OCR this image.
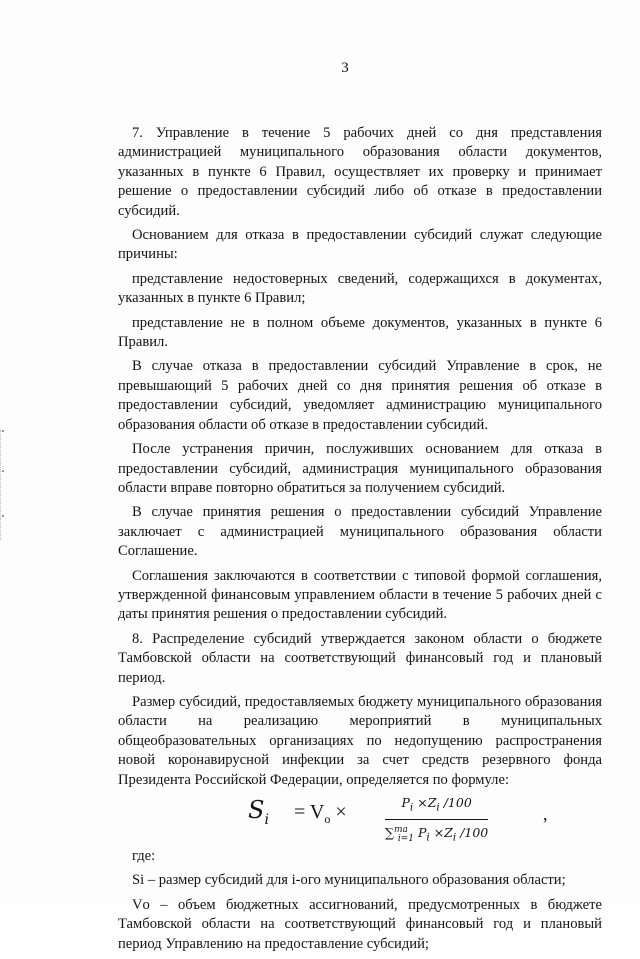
3

7. Управление в течение 5 рабочих дней со дня представления администрацией муниципального образования области документов, указанных в пункте 6 Правил, осуществляет их проверку и принимает решение о предоставлении субсидий либо об отказе в предоставлении субсидий.

Основанием для отказа в предоставлении субсидий служат следующие причины:

представление недостоверных сведений, содержащихся в документах, указанных в пункте 6 Правил;

представление не в полном объеме документов, указанных в пункте 6 Правил.

В случае отказа в предоставлении субсидий Управление в срок, не превышающий 5 рабочих дней со дня принятия решения об отказе в предоставлении субсидий, уведомляет администрацию муниципального образования области об отказе в предоставлении субсидий.

После устранения причин, послуживших основанием для отказа в предоставлении субсидий, администрация муниципального образования области вправе повторно обратиться за получением субсидий.

В случае принятия решения о предоставлении субсидий Управление заключает с администрацией муниципального образования области Соглашение.

Соглашения заключаются в соответствии с типовой формой соглашения, утвержденной финансовым управлением области в течение 5 рабочих дней с даты принятия решения о предоставлении субсидий.

8. Распределение субсидий утверждается законом области о бюджете Тамбовской области на соответствующий финансовый год и плановый период.

Размер субсидий, предоставляемых бюджету муниципального образования области на реализацию мероприятий в муниципальных общеобразовательных организациях по недопущению распространения новой коронавирусной инфекции за счет средств резервного фонда Президента Российской Федерации, определяется по формуле:

$S_i = V_о$ ×	$P_i \times Z_i$ /100
∑$^{ma}_{i=1}$ $P_i \times Z_i$ /100
,

где:

Si – размер субсидий для i-ого муниципального образования области;

Vо – объем бюджетных ассигнований, предусмотренных в бюджете Тамбовской области на соответствующий финансовый год и плановый период Управлению на предоставление субсидий;
